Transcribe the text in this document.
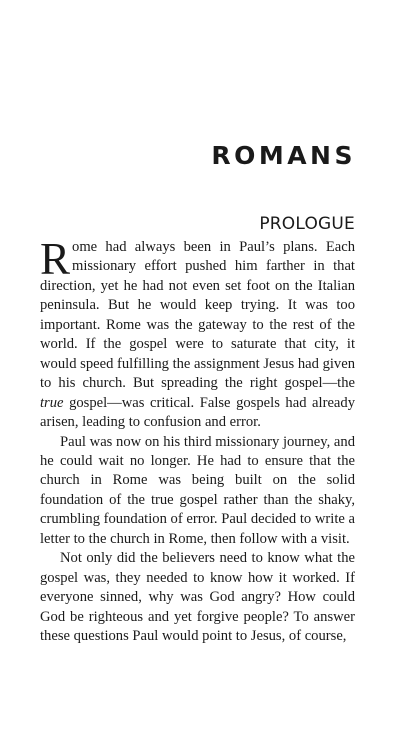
ROMANS
PROLOGUE

Rome had always been in Paul’s plans. Each missionary effort pushed him farther in that direction, yet he had not even set foot on the Italian peninsula. But he would keep trying. It was too important. Rome was the gateway to the rest of the world. If the gospel were to saturate that city, it would speed fulfilling the assignment Jesus had given to his church. But spreading the right gospel—the true gospel—was critical. False gospels had already arisen, leading to confusion and error.

Paul was now on his third missionary journey, and he could wait no longer. He had to ensure that the church in Rome was being built on the solid foundation of the true gospel rather than the shaky, crumbling foundation of error. Paul decided to write a letter to the church in Rome, then follow with a visit.

Not only did the believers need to know what the gospel was, they needed to know how it worked. If everyone sinned, why was God angry? How could God be righteous and yet forgive people? To answer these questions Paul would point to Jesus, of course,
